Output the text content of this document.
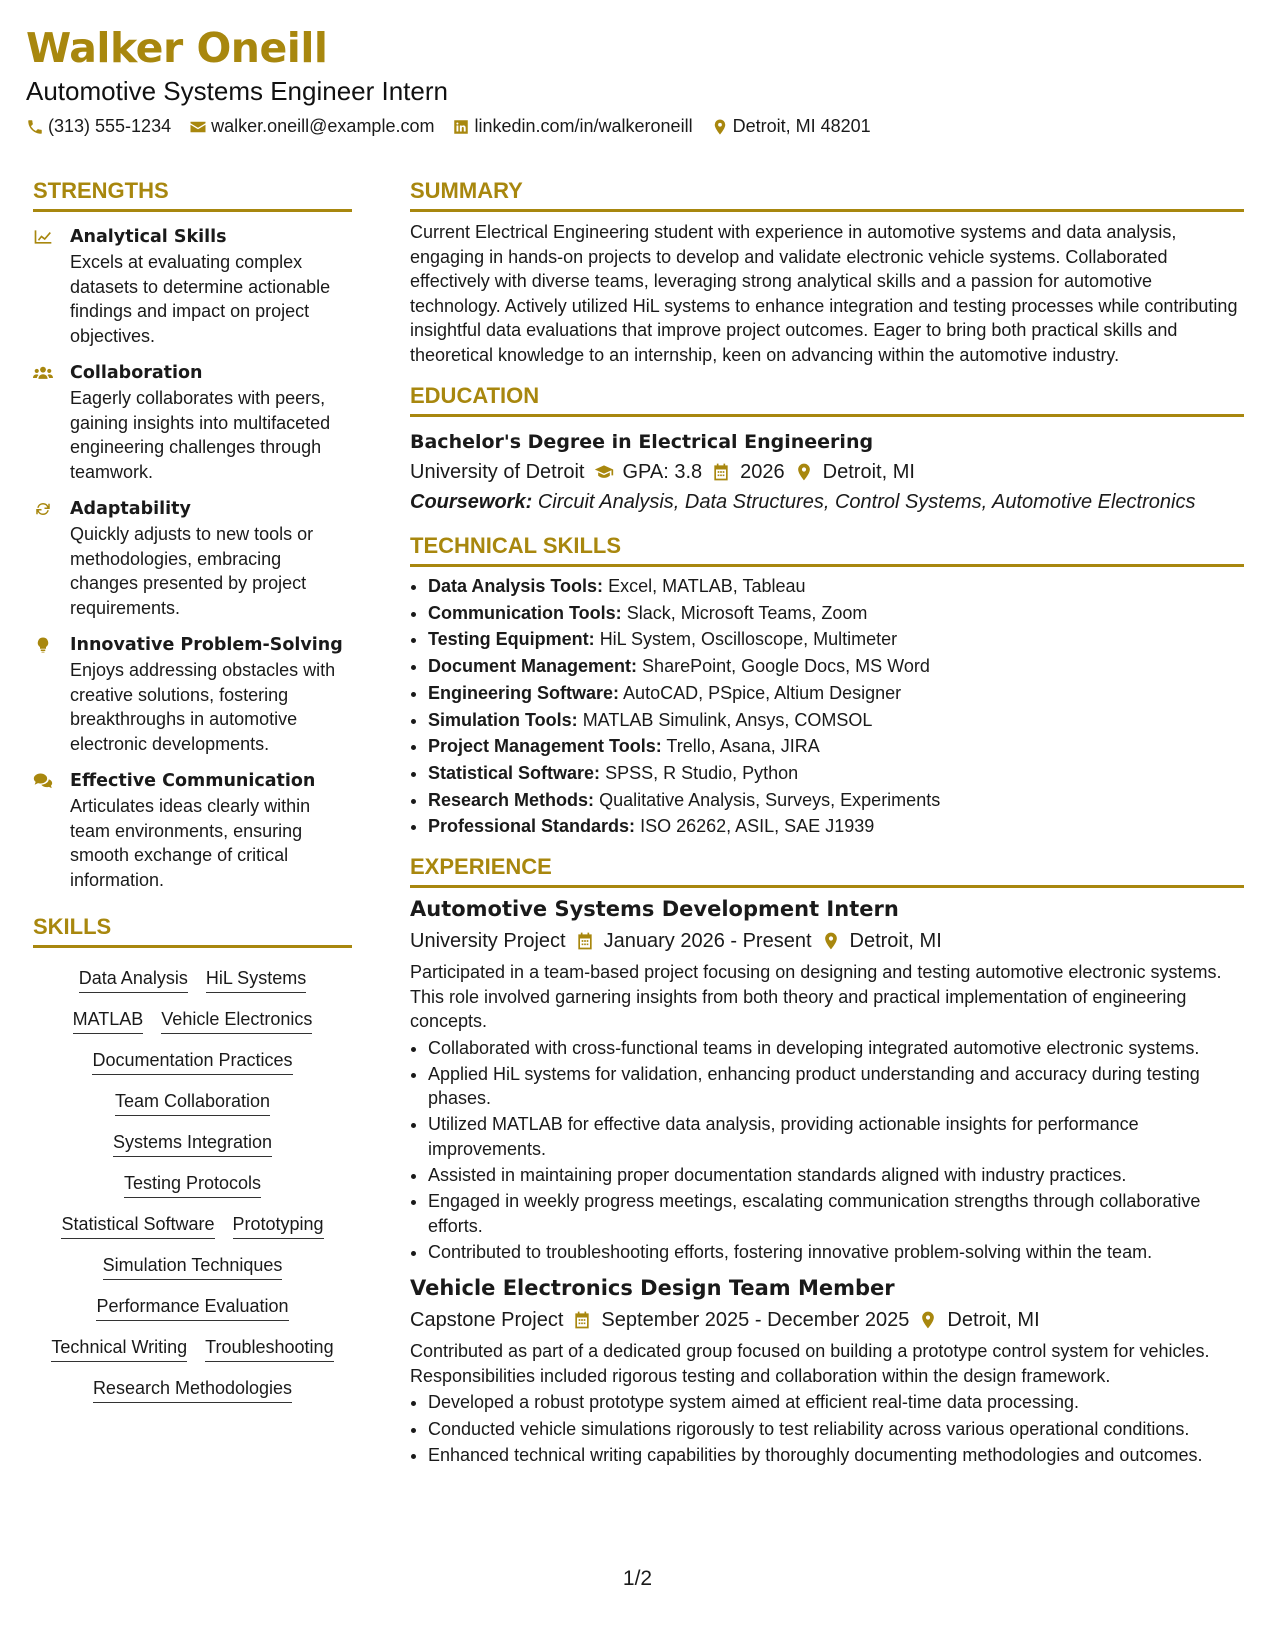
Walker Oneill
Automotive Systems Engineer Intern
(313) 555-1234 walker.oneill@example.com linkedin.com/in/walkeroneill Detroit, MI 48201
STRENGTHS
Analytical Skills
Excels at evaluating complex datasets to determine actionable findings and impact on project objectives.
Collaboration
Eagerly collaborates with peers, gaining insights into multifaceted engineering challenges through teamwork.
Adaptability
Quickly adjusts to new tools or methodologies, embracing changes presented by project requirements.
Innovative Problem-Solving
Enjoys addressing obstacles with creative solutions, fostering breakthroughs in automotive electronic developments.
Effective Communication
Articulates ideas clearly within team environments, ensuring smooth exchange of critical information.
SKILLS
Data Analysis HiL Systems
MATLAB Vehicle Electronics
Documentation Practices
Team Collaboration
Systems Integration
Testing Protocols
Statistical Software Prototyping
Simulation Techniques
Performance Evaluation
Technical Writing Troubleshooting
Research Methodologies
SUMMARY
Current Electrical Engineering student with experience in automotive systems and data analysis, engaging in hands-on projects to develop and validate electronic vehicle systems. Collaborated effectively with diverse teams, leveraging strong analytical skills and a passion for automotive technology. Actively utilized HiL systems to enhance integration and testing processes while contributing insightful data evaluations that improve project outcomes. Eager to bring both practical skills and theoretical knowledge to an internship, keen on advancing within the automotive industry.
EDUCATION
Bachelor's Degree in Electrical Engineering
University of Detroit GPA: 3.8 2026 Detroit, MI
Coursework: Circuit Analysis, Data Structures, Control Systems, Automotive Electronics
TECHNICAL SKILLS
• Data Analysis Tools: Excel, MATLAB, Tableau
• Communication Tools: Slack, Microsoft Teams, Zoom
• Testing Equipment: HiL System, Oscilloscope, Multimeter
• Document Management: SharePoint, Google Docs, MS Word
• Engineering Software: AutoCAD, PSpice, Altium Designer
• Simulation Tools: MATLAB Simulink, Ansys, COMSOL
• Project Management Tools: Trello, Asana, JIRA
• Statistical Software: SPSS, R Studio, Python
• Research Methods: Qualitative Analysis, Surveys, Experiments
• Professional Standards: ISO 26262, ASIL, SAE J1939
EXPERIENCE
Automotive Systems Development Intern
University Project January 2026 - Present Detroit, MI
Participated in a team-based project focusing on designing and testing automotive electronic systems. This role involved garnering insights from both theory and practical implementation of engineering concepts.
• Collaborated with cross-functional teams in developing integrated automotive electronic systems.
• Applied HiL systems for validation, enhancing product understanding and accuracy during testing phases.
• Utilized MATLAB for effective data analysis, providing actionable insights for performance improvements.
• Assisted in maintaining proper documentation standards aligned with industry practices.
• Engaged in weekly progress meetings, escalating communication strengths through collaborative efforts.
• Contributed to troubleshooting efforts, fostering innovative problem-solving within the team.
Vehicle Electronics Design Team Member
Capstone Project September 2025 - December 2025 Detroit, MI
Contributed as part of a dedicated group focused on building a prototype control system for vehicles. Responsibilities included rigorous testing and collaboration within the design framework.
• Developed a robust prototype system aimed at efficient real-time data processing.
• Conducted vehicle simulations rigorously to test reliability across various operational conditions.
• Enhanced technical writing capabilities by thoroughly documenting methodologies and outcomes.
1/2
